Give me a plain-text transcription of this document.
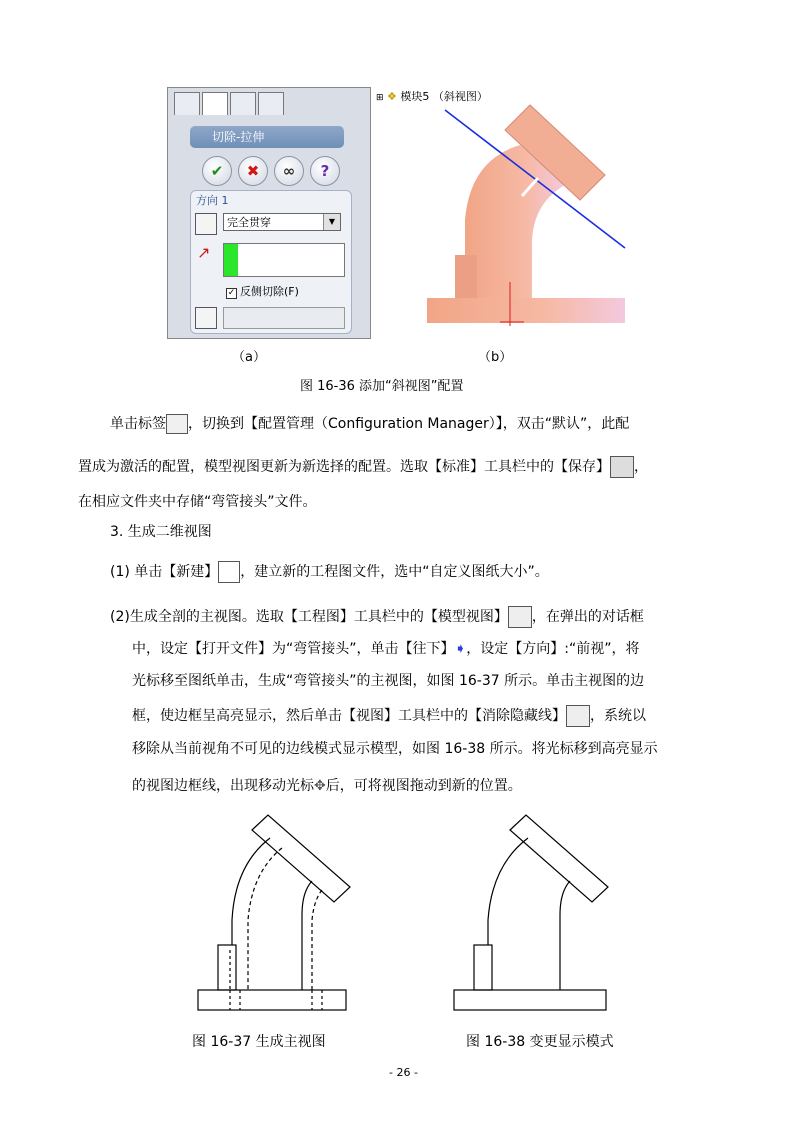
切除-拉伸
✔	✖	∞	?
方向 1
完全贯穿	▼
↗
✓ 反侧切除(F)
⊞ ❖ 模块5 （斜视图）
（a）	（b）
图 16-36 添加“斜视图”配置
单击标签 ，切换到【配置管理（Configuration Manager）】，双击“默认”，此配
置成为激活的配置，模型视图更新为新选择的配置。选取【标准】工具栏中的【保存】 ，
在相应文件夹中存储“弯管接头”文件。
3. 生成二维视图
(1) 单击【新建】 ，建立新的工程图文件，选中“自定义图纸大小”。
(2)生成全剖的主视图。选取【工程图】工具栏中的【模型视图】 ，在弹出的对话框
中，设定【打开文件】为“弯管接头”，单击【往下】➧，设定【方向】:“前视”，将
光标移至图纸单击，生成“弯管接头”的主视图，如图 16-37 所示。单击主视图的边
框，使边框呈高亮显示，然后单击【视图】工具栏中的【消除隐藏线】 ，系统以
移除从当前视角不可见的边线模式显示模型，如图 16-38 所示。将光标移到高亮显示
的视图边框线，出现移动光标✥后，可将视图拖动到新的位置。
图 16-37 生成主视图	图 16-38 变更显示模式
- 26 -
